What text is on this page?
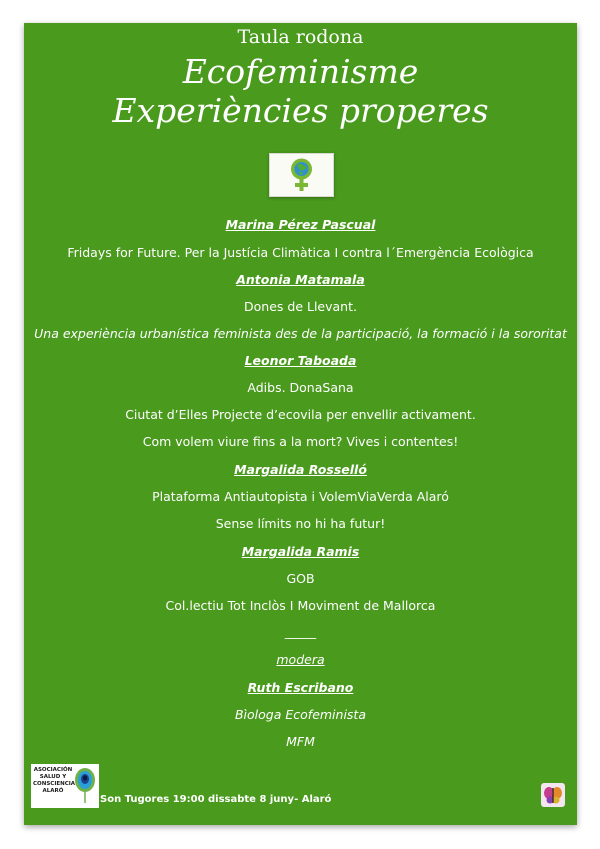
Taula rodona
Ecofeminisme
Experiències properes
Marina Pérez Pascual
Fridays for Future. Per la Justícia Climàtica I contra l´Emergència Ecològica
Antonia Matamala
Dones de Llevant.
Una experiència urbanística feminista des de la participació, la formació i la sororitat
Leonor Taboada
Adibs. DonaSana
Ciutat d’Elles Projecte d’ecovila per envellir activament.
Com volem viure fins a la mort? Vives i contentes!
Margalida Rosselló
Plataforma Antiautopista i VolemViaVerda Alaró
Sense límits no hi ha futur!
Margalida Ramis
GOB
Col.lectiu Tot Inclòs I Moviment de Mallorca
_____
modera
Ruth Escribano
Bìologa Ecofeminista
MFM
ASOCIACIÓN SALUD Y CONSCIENCIA ALARÓ
Son Tugores 19:00 dissabte 8 juny- Alaró
